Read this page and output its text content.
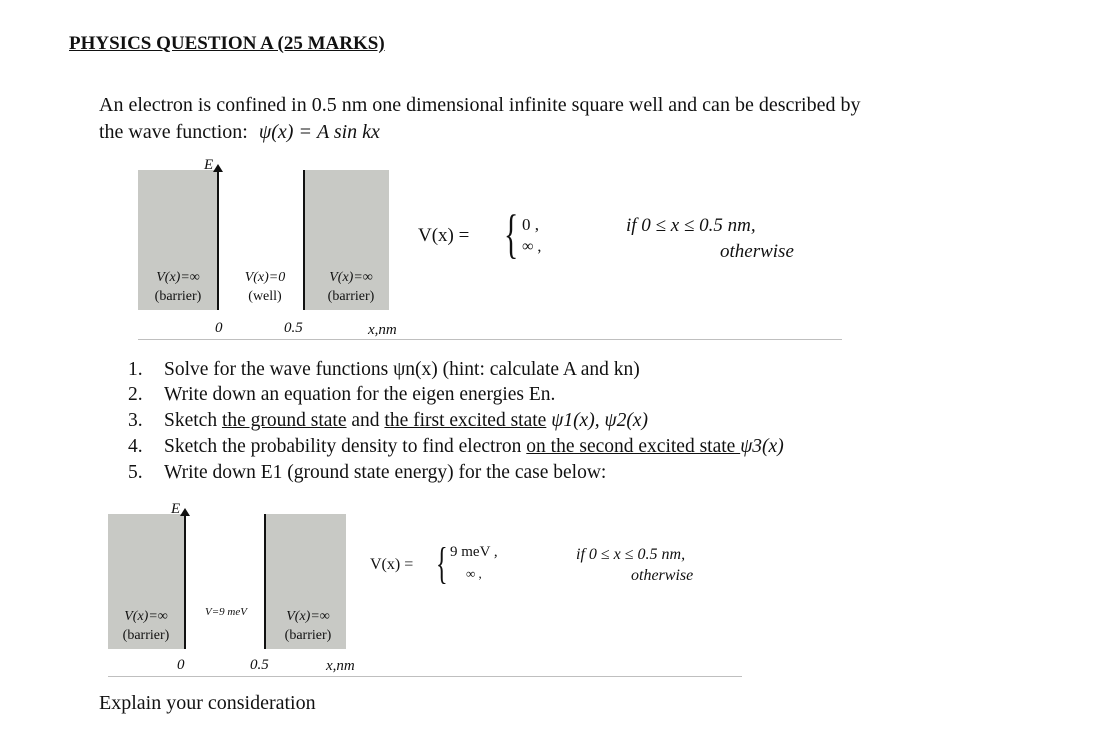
PHYSICS QUESTION A (25 MARKS)
An electron is confined in 0.5 nm one dimensional infinite square well and can be described by
the wave function: ψ(x) = A sin kx
E
V(x)=∞
(barrier)
V(x)=0
(well)
V(x)=∞
(barrier)
0	0.5	x,nm
V(x) = { 0 ,
∞ ,
if 0 ≤ x ≤ 0.5 nm,
otherwise
1. Solve for the wave functions ψn(x) (hint: calculate A and kn)
2. Write down an equation for the eigen energies En.
3. Sketch the ground state and the first excited state ψ1(x), ψ2(x)
4. Sketch the probability density to find electron on the second excited state ψ3(x)
5. Write down E1 (ground state energy) for the case below:
E
V(x)=∞
(barrier)
V=9 meV	V(x)=∞
(barrier)
0	0.5	x,nm
V(x) = { 9 meV ,
∞ ,
if 0 ≤ x ≤ 0.5 nm,
otherwise
Explain your consideration
